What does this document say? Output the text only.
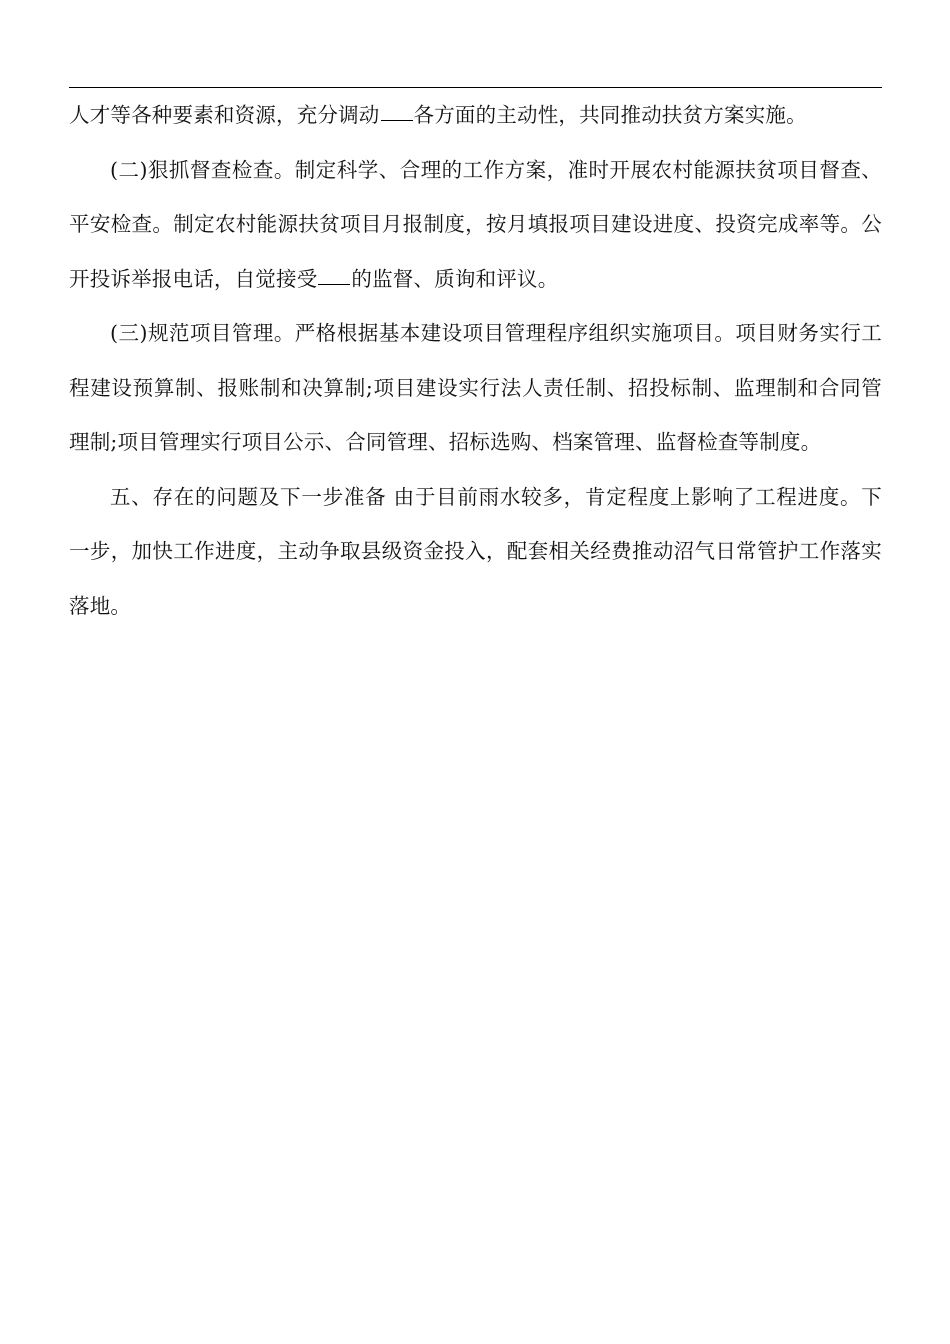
人才等各种要素和资源，充分调动 各方面的主动性，共同推动扶贫方案实施。

(二)狠抓督查检查。制定科学、合理的工作方案，准时开展农村能源扶贫项目督查、平安检查。制定农村能源扶贫项目月报制度，按月填报项目建设进度、投资完成率等。公开投诉举报电话，自觉接受 的监督、质询和评议。

(三)规范项目管理。严格根据基本建设项目管理程序组织实施项目。项目财务实行工程建设预算制、报账制和决算制;项目建设实行法人责任制、招投标制、监理制和合同管理制;项目管理实行项目公示、合同管理、招标选购、档案管理、监督检查等制度。

五、存在的问题及下一步准备 由于目前雨水较多，肯定程度上影响了工程进度。下一步，加快工作进度，主动争取县级资金投入，配套相关经费推动沼气日常管护工作落实落地。
